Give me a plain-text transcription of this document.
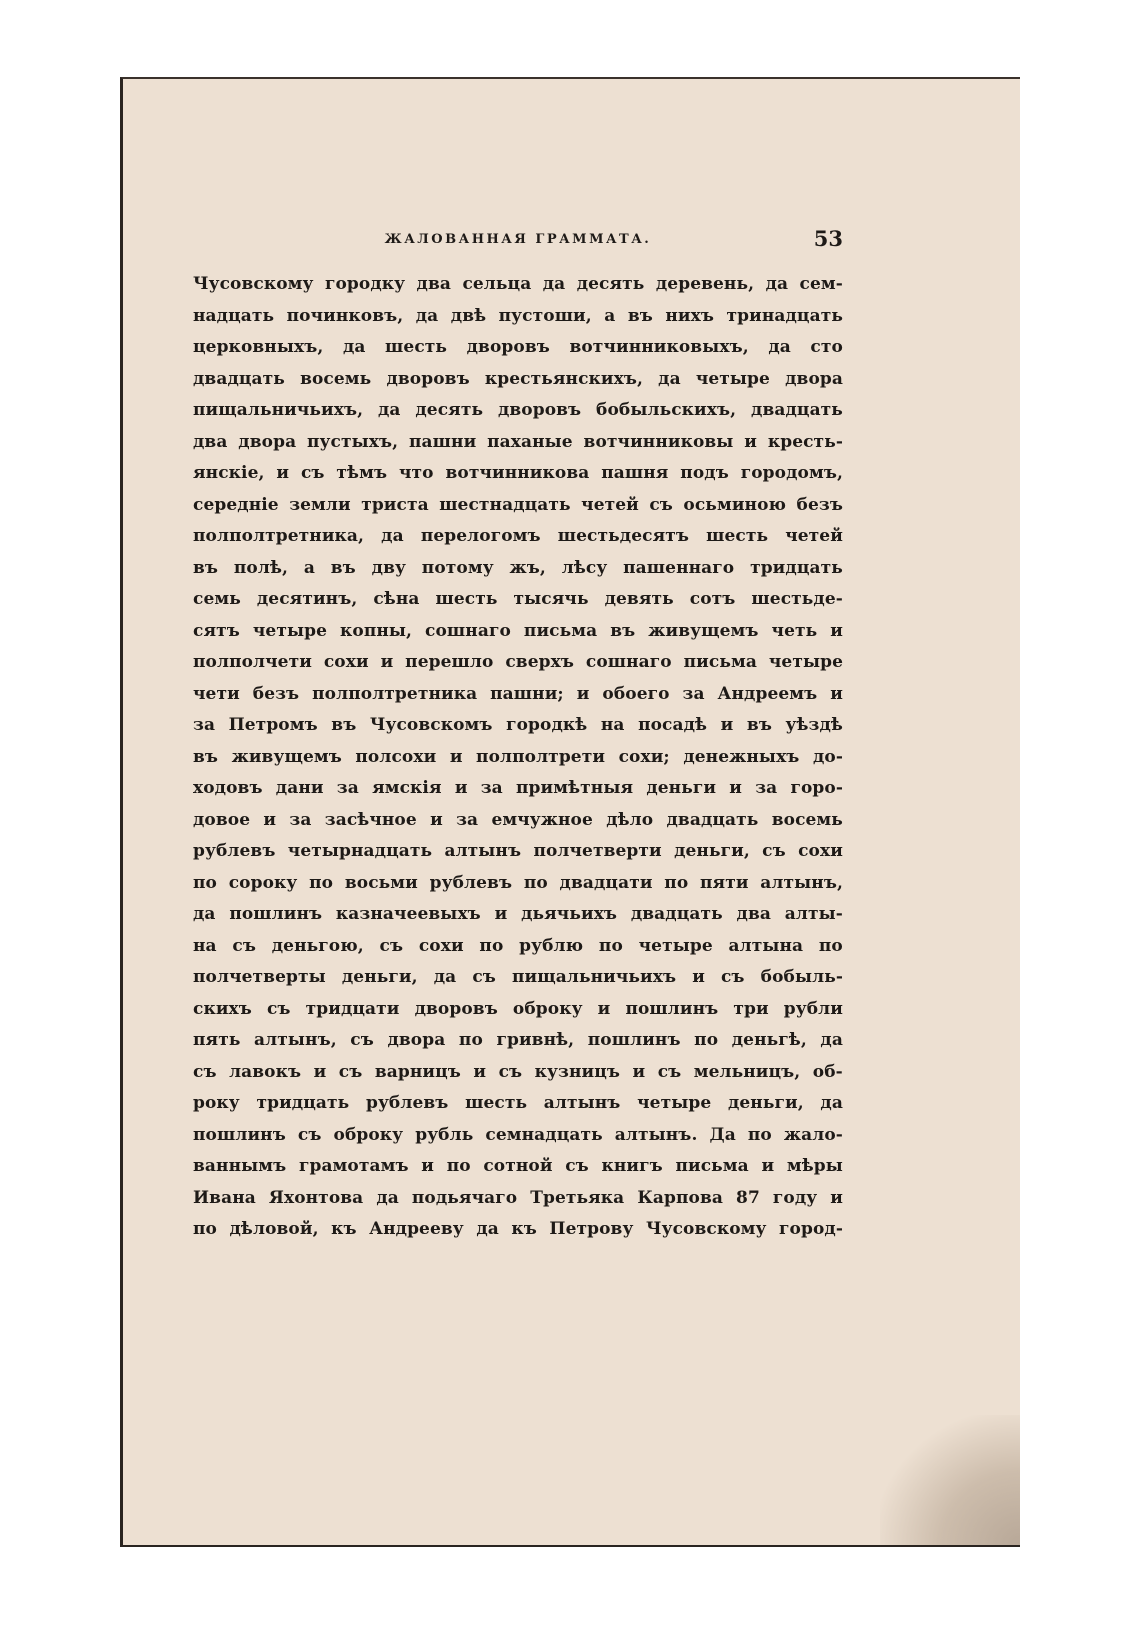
ЖАЛОВАННАЯ ГРАММАТА.	53
Чусовскому городку два сельца да десять деревень, да сем-
надцать починковъ, да двѣ пустоши, а въ нихъ тринадцать
церковныхъ, да шесть дворовъ вотчинниковыхъ, да сто
двадцать восемь дворовъ крестьянскихъ, да четыре двора
пищальничьихъ, да десять дворовъ бобыльскихъ, двадцать
два двора пустыхъ, пашни паханые вотчинниковы и кресть-
янскіе, и съ тѣмъ что вотчинникова пашня подъ городомъ,
середніе земли триста шестнадцать четей съ осьминою безъ
полполтретника, да перелогомъ шестьдесятъ шесть четей
въ полѣ, а въ дву потому жъ, лѣсу пашеннаго тридцать
семь десятинъ, сѣна шесть тысячь девять сотъ шестьде-
сятъ четыре копны, сошнаго письма въ живущемъ четь и
полполчети сохи и перешло сверхъ сошнаго письма четыре
чети безъ полполтретника пашни; и обоего за Андреемъ и
за Петромъ въ Чусовскомъ городкѣ на посадѣ и въ уѣздѣ
въ живущемъ полсохи и полполтрети сохи; денежныхъ до-
ходовъ дани за ямскія и за примѣтныя деньги и за горо-
довое и за засѣчное и за емчужное дѣло двадцать восемь
рублевъ четырнадцать алтынъ полчетверти деньги, съ сохи
по сороку по восьми рублевъ по двадцати по пяти алтынъ,
да пошлинъ казначеевыхъ и дьячьихъ двадцать два алты-
на съ деньгою, съ сохи по рублю по четыре алтына по
полчетверты деньги, да съ пищальничьихъ и съ бобыль-
скихъ съ тридцати дворовъ оброку и пошлинъ три рубли
пять алтынъ, съ двора по гривнѣ, пошлинъ по деньгѣ, да
съ лавокъ и съ варницъ и съ кузницъ и съ мельницъ, об-
року тридцать рублевъ шесть алтынъ четыре деньги, да
пошлинъ съ оброку рубль семнадцать алтынъ. Да по жало-
ваннымъ грамотамъ и по сотной съ книгъ письма и мѣры
Ивана Яхонтова да подьячаго Третьяка Карпова 87 году и
по дѣловой, къ Андрееву да къ Петрову Чусовскому город-
